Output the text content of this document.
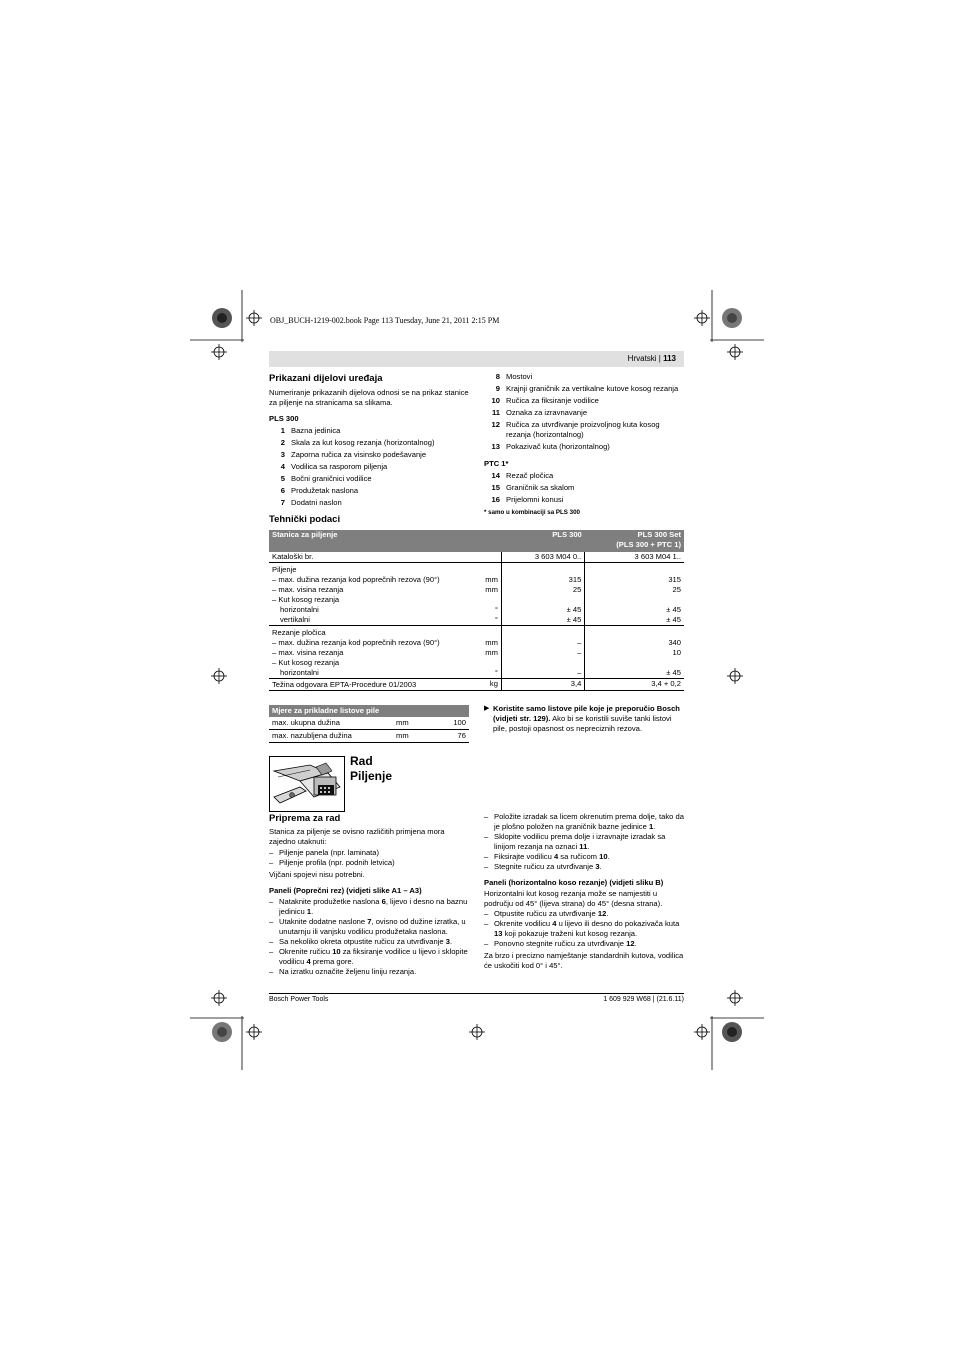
OBJ_BUCH-1219-002.book Page 113 Tuesday, June 21, 2011 2:15 PM
Hrvatski | 113
Prikazani dijelovi uređaja
Numeriranje prikazanih dijelova odnosi se na prikaz stanice za piljenje na stranicama sa slikama.
PLS 300
1 Bazna jedinica
2 Skala za kut kosog rezanja (horizontalnog)
3 Zaporna ručica za visinsko podešavanje
4 Vodilica sa rasporom piljenja
5 Bočni graničnici vodilice
6 Produžetak naslona
7 Dodatni naslon
8 Mostovi
9 Krajnji graničnik za vertikalne kutove kosog rezanja
10 Ručica za fiksiranje vodilice
11 Oznaka za izravnavanje
12 Ručica za utvrđivanje proizvoljnog kuta kosog rezanja (horizontalnog)
13 Pokazivač kuta (horizontalnog)
PTC 1*
14 Rezač pločica
15 Graničnik sa skalom
16 Prijelomni konusi
* samo u kombinaciji sa PLS 300
Tehnički podaci
Stanica za piljenje		PLS 300	PLS 300 Set
(PLS 300 + PTC 1)
Kataloški br.		3 603 M04 0..	3 603 M04 1..
Piljenje			
– max. dužina rezanja kod poprečnih rezova (90°)	mm	315	315
– max. visina rezanja	mm	25	25
– Kut kosog rezanja			
horizontalni	°	± 45	± 45
vertikalni	°	± 45	± 45
Rezanje pločica			
– max. dužina rezanja kod poprečnih rezova (90°)	mm	–	340
– max. visina rezanja	mm	–	10
– Kut kosog rezanja			
horizontalni	°	–	± 45
Težina odgovara EPTA-Procedure 01/2003	kg	3,4	3,4 + 0,2
Mjere za prikladne listove pile		
max. ukupna dužina	mm	100
max. nazubljena dužina	mm	76
▶ Koristite samo listove pile koje je preporučio Bosch (vidjeti str. 129). Ako bi se koristili suviše tanki listovi pile, postoji opasnost os nepreciznih rezova.
Rad
Piljenje
Priprema za rad
Stanica za piljenje se ovisno različitih primjena mora zajedno utaknuti:
– Piljenje panela (npr. laminata)
– Piljenje profila (npr. podnih letvica)
Vijčani spojevi nisu potrebni.
Paneli (Poprečni rez) (vidjeti slike A1 – A3)
– Nataknite produžetke naslona 6, lijevo i desno na baznu jedinicu 1.
– Utaknite dodatne naslone 7, ovisno od dužine izratka, u unutarnju ili vanjsku vodilicu produžetaka naslona.
– Sa nekoliko okreta otpustite ručicu za utvrđivanje 3.
– Okrenite ručicu 10 za fiksiranje vodilice u lijevo i sklopite vodilicu 4 prema gore.
– Na izratku označite željenu liniju rezanja.
– Položite izradak sa licem okrenutim prema dolje, tako da je plošno položen na graničnik bazne jedinice 1.
– Sklopite vodilicu prema dolje i izravnajte izradak sa linijom rezanja na oznaci 11.
– Fiksirajte vodilicu 4 sa ručicom 10.
– Stegnite ručicu za utvrđivanje 3.
Paneli (horizontalno koso rezanje) (vidjeti sliku B)
Horizontalni kut kosog rezanja može se namjestiti u području od 45° (lijeva strana) do 45° (desna strana).
– Otpustite ručicu za utvrđivanje 12.
– Okrenite vodilicu 4 u lijevo ili desno do pokazivača kuta 13 koji pokazuje traženi kut kosog rezanja.
– Ponovno stegnite ručicu za utvrđivanje 12.
Za brzo i precizno namještanje standardnih kutova, vodilica će uskočiti kod 0° i 45°.
Bosch Power Tools	1 609 929 W68 | (21.6.11)
